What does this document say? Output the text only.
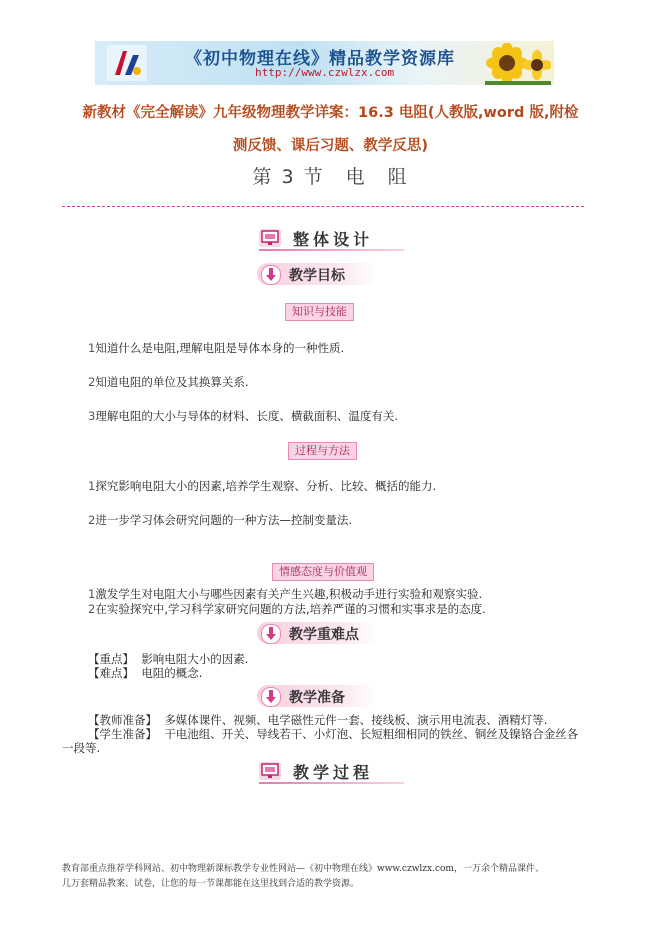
《初中物理在线》精品教学资源库
http://www.czwlzx.com
新教材《完全解读》九年级物理教学详案：16.3 电阻(人教版,word 版,附检
测反馈、课后习题、教学反思)
第 3 节　电　阻
整体设计
教学目标
知识与技能
1知道什么是电阻,理解电阻是导体本身的一种性质.
2知道电阻的单位及其换算关系.
3理解电阻的大小与导体的材料、长度、横截面积、温度有关.
过程与方法
1探究影响电阻大小的因素,培养学生观察、分析、比较、概括的能力.
2进一步学习体会研究问题的一种方法—控制变量法.
情感态度与价值观
1激发学生对电阻大小与哪些因素有关产生兴趣,积极动手进行实验和观察实验.
2在实验探究中,学习科学家研究问题的方法,培养严谨的习惯和实事求是的态度.
教学重难点
【重点】 影响电阻大小的因素.
【难点】 电阻的概念.
教学准备
【教师准备】 多媒体课件、视频、电学磁性元件一套、接线板、演示用电流表、酒精灯等.
【学生准备】 干电池组、开关、导线若干、小灯泡、长短粗细相同的铁丝、铜丝及镍铬合金丝各
一段等.
教学过程
教育部重点推荐学科网站、初中物理新课标教学专业性网站—《初中物理在线》www.czwlzx.com，一万余个精品课件、
几万套精品教案、试卷，让您的每一节课都能在这里找到合适的教学资源。
